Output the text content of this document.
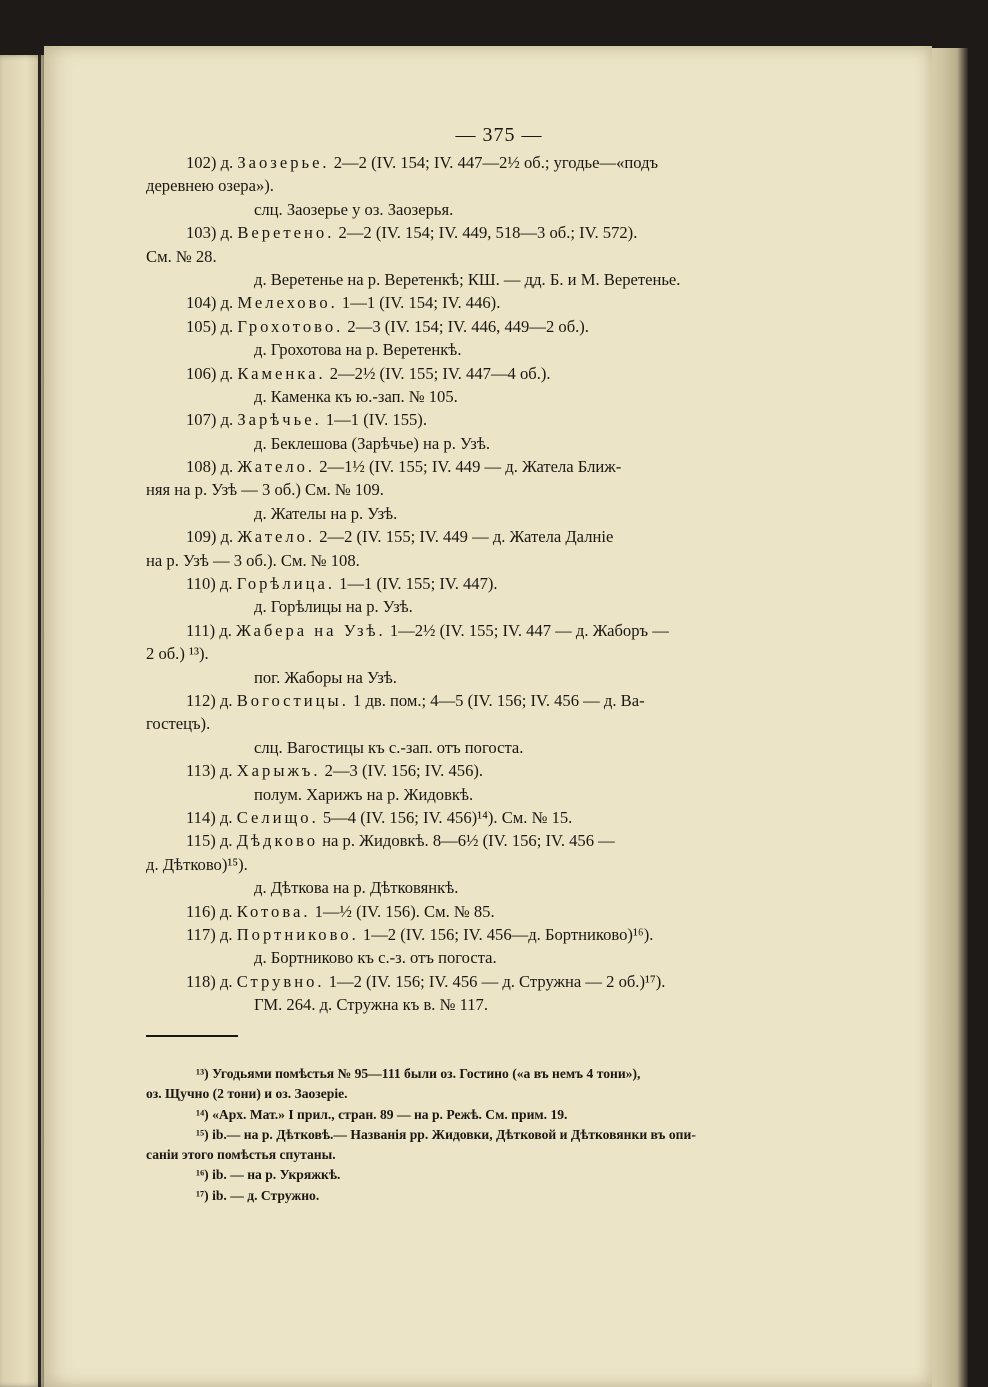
— 375 —
102) д. Заозерье. 2—2 (IV. 154; IV. 447—2½ об.; угодье—«подъ
деревнею озера»).
слц. Заозерье у оз. Заозерья.
103) д. Веретено. 2—2 (IV. 154; IV. 449, 518—3 об.; IV. 572).
См. № 28.
д. Веретенье на р. Веретенкѣ; КШ. — дд. Б. и М. Веретенье.
104) д. Мелехово. 1—1 (IV. 154; IV. 446).
105) д. Грохотово. 2—3 (IV. 154; IV. 446, 449—2 об.).
д. Грохотова на р. Веретенкѣ.
106) д. Каменка. 2—2½ (IV. 155; IV. 447—4 об.).
д. Каменка къ ю.-зап. № 105.
107) д. Зарѣчье. 1—1 (IV. 155).
д. Беклешова (Зарѣчье) на р. Узѣ.
108) д. Жатело. 2—1½ (IV. 155; IV. 449 — д. Жатела Ближ-
няя на р. Узѣ — 3 об.) См. № 109.
д. Жателы на р. Узѣ.
109) д. Жатело. 2—2 (IV. 155; IV. 449 — д. Жатела Далніе
на р. Узѣ — 3 об.). См. № 108.
110) д. Горѣлица. 1—1 (IV. 155; IV. 447).
д. Горѣлицы на р. Узѣ.
111) д. Жабера на Узѣ. 1—2½ (IV. 155; IV. 447 — д. Жаборъ —
2 об.) ¹³).
пог. Жаборы на Узѣ.
112) д. Вогостицы. 1 дв. пом.; 4—5 (IV. 156; IV. 456 — д. Ва-
гостецъ).
слц. Вагостицы къ с.-зап. отъ погоста.
113) д. Харыжъ. 2—3 (IV. 156; IV. 456).
полум. Харижъ на р. Жидовкѣ.
114) д. Селищо. 5—4 (IV. 156; IV. 456)¹⁴). См. № 15.
115) д. Дѣдково на р. Жидовкѣ. 8—6½ (IV. 156; IV. 456 —
д. Дѣтково)¹⁵).
д. Дѣткова на р. Дѣтковянкѣ.
116) д. Котова. 1—½ (IV. 156). См. № 85.
117) д. Портниково. 1—2 (IV. 156; IV. 456—д. Бортниково)¹⁶).
д. Бортниково къ с.-з. отъ погоста.
118) д. Струвно. 1—2 (IV. 156; IV. 456 — д. Стружна — 2 об.)¹⁷).
ГМ. 264. д. Стружна къ в. № 117.
¹³) Угодьями помѣстья № 95—111 были оз. Гостино («а въ немъ 4 тони»),
оз. Щучно (2 тони) и оз. Заозеріе.
¹⁴) «Арх. Мат.» I прил., стран. 89 — на р. Режѣ. См. прим. 19.
¹⁵) ib.— на р. Дѣтковѣ.— Названія рр. Жидовки, Дѣтковой и Дѣтковянки въ опи-
саніи этого помѣстья спутаны.
¹⁶) ib. — на р. Укряжкѣ.
¹⁷) ib. — д. Стружно.
